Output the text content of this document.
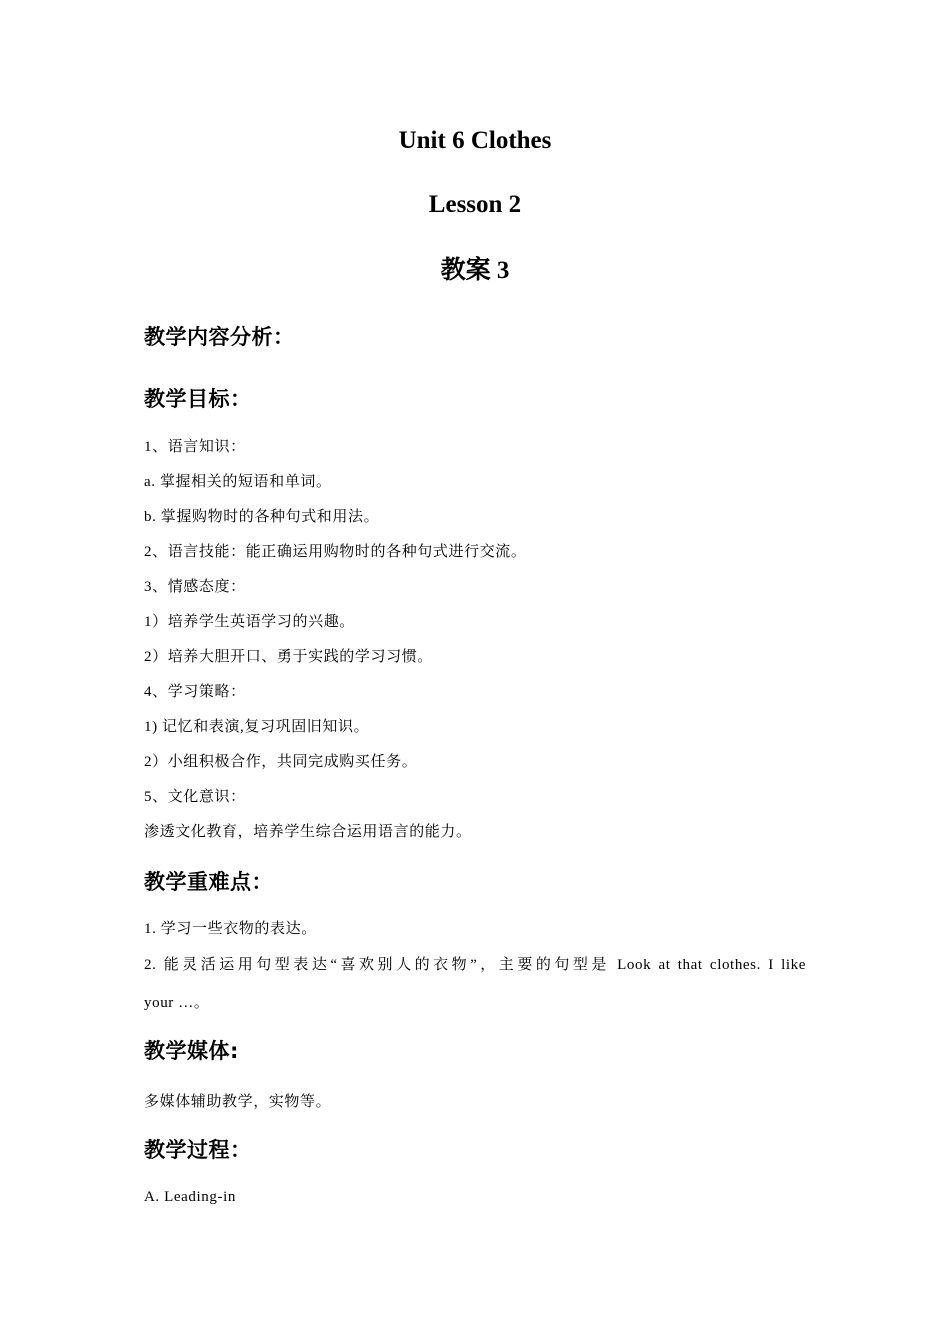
Unit 6 Clothes
Lesson 2
教案 3
教学内容分析：
教学目标：
1、语言知识：
a. 掌握相关的短语和单词。
b. 掌握购物时的各种句式和用法。
2、语言技能：能正确运用购物时的各种句式进行交流。
3、情感态度：
1）培养学生英语学习的兴趣。
2）培养大胆开口、勇于实践的学习习惯。
4、学习策略：
1) 记忆和表演,复习巩固旧知识。
2）小组积极合作，共同完成购买任务。
5、文化意识：
渗透文化教育，培养学生综合运用语言的能力。
教学重难点：
1. 学习一些衣物的表达。
2. 能灵活运用句型表达“喜欢别人的衣物”，主要的句型是 Look at that clothes. I like
your …。
教学媒体:
多媒体辅助教学，实物等。
教学过程：
A. Leading-in
